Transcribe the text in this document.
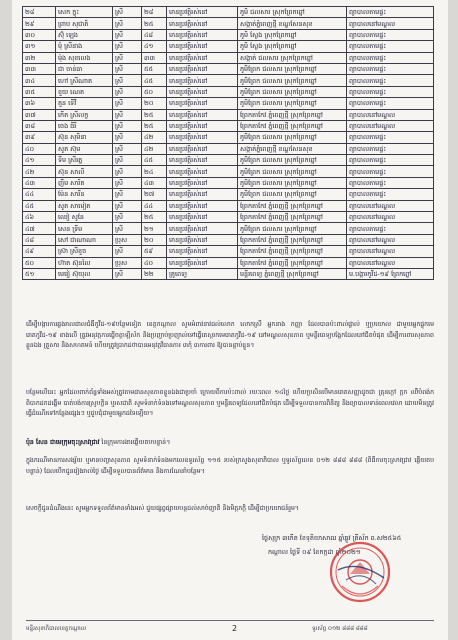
២៨	សេក ក្នុះ	ស្រី	២៨	មានប្រវត្តិរស់នៅ	ភូមិ ជលសារ ស្រុកព្រែកព្នៅ	ព្យាបាលតាមផ្ទះ
២៩	ព្រាប សុជាតិ	ស្រី	២៥	មានប្រវត្តិរស់នៅ	សង្កាត់ភ្នំពេញថ្មី ខណ្ឌសែនសុខ	ព្យាបាលនៅមណ្ឌល
៣០	ស៊ុំ ឡេង	ស្រី	៤៨	មានប្រវត្តិរស់នៅ	ភូមិ ស្លែង ស្រុកព្រែកព្នៅ	ព្យាបាលតាមផ្ទះ
៣១	មុំ ស្រីនាង	ស្រី	៤១	មានប្រវត្តិរស់នៅ	ភូមិ ស្លែង ស្រុកព្រែកព្នៅ	ព្យាបាលតាមផ្ទះ
៣២	ម៉ុង សុខលេង	ស្រី	៣៣	មានប្រវត្តិរស់នៅ	សង្កាត់ ជលសារ ស្រុកព្រែកព្នៅ	ព្យាបាលតាមផ្ទះ
៣៣	ជា ចាន់ធា	ស្រី	៥៥	មានប្រវត្តិរស់នៅ	ភូមិព្រែក ជលសារ ស្រុកព្រែកព្នៅ	ព្យាបាលតាមផ្ទះ
៣៤	ហៅ ស្រីណាត	ស្រី	៤៥	មានប្រវត្តិរស់នៅ	ភូមិព្រែក ជលសារ ស្រុកព្រែកព្នៅ	ព្យាបាលតាមផ្ទះ
៣៥	ខួយ ណេត	ស្រី	៥០	មានប្រវត្តិរស់នៅ	ភូមិព្រែក ជលសារ ស្រុកព្រែកព្នៅ	ព្យាបាលតាមផ្ទះ
៣៦	គួន ទើវី	ស្រី	២០	មានប្រវត្តិរស់នៅ	ភូមិព្រែក ជលសារ ស្រុកព្រែកព្នៅ	ព្យាបាលតាមផ្ទះ
៣៧	កើត ស្រីលក្ខ	ស្រី	២៥	មានប្រវត្តិរស់នៅ	ព្រែកតាកែវ ភ្នំពេញថ្មី ស្រុកព្រែកព្នៅ	ព្យាបាលនៅមណ្ឌល
៣៨	ចេង ធីរី	ស្រី	២៥	មានប្រវត្តិរស់នៅ	ព្រែកតាកែវ ភ្នំពេញថ្មី ស្រុកព្រែកព្នៅ	ព្យាបាលនៅមណ្ឌល
៣៩	ស៊ុន សុមិនា	ស្រី	៤២	មានប្រវត្តិរស់នៅ	ភូមិព្រែក ជលសារ ស្រុកព្រែកព្នៅ	ព្យាបាលតាមផ្ទះ
៤០	សូត ស៊ុម	ស្រី	៤២	មានប្រវត្តិរស់នៅ	សង្កាត់ភ្នំពេញថ្មី ខណ្ឌសែនសុខ	ព្យាបាលតាមផ្ទះ
៤១	ទីម ស្រីរត្ន	ស្រី	៤៥	មានប្រវត្តិរស់នៅ	ភូមិព្រែក ជលសារ ស្រុកព្រែកព្នៅ	ព្យាបាលតាមផ្ទះ
៤២	ស៊ុន សាលី	ស្រី	២៤	មានប្រវត្តិរស់នៅ	ភូមិព្រែក ជលសារ ស្រុកព្រែកព្នៅ	ព្យាបាលតាមផ្ទះ
៤៣	ញឹម សារិត	ស្រី	៤៣	មានប្រវត្តិរស់នៅ	ភូមិព្រែក ជលសារ ស្រុកព្រែកព្នៅ	ព្យាបាលតាមផ្ទះ
៤៤	ម៉ែន សារីន	ស្រី	២៧	មានប្រវត្តិរស់នៅ	ភូមិព្រែក ជលសារ ស្រុកព្រែកព្នៅ	ព្យាបាលតាមផ្ទះ
៤៥	សូត សាមៀត	ស្រី	៤៤	មានប្រវត្តិរស់នៅ	ព្រែកតាកែវ ភ្នំពេញថ្មី ស្រុកព្រែកព្នៅ	ព្យាបាលនៅមណ្ឌល
៤៦	ឈៀ សូនែ	ស្រី	២៥	មានប្រវត្តិរស់នៅ	ព្រែកតាកែវ ភ្នំពេញថ្មី ស្រុកព្រែកព្នៅ	ព្យាបាលនៅមណ្ឌល
៤៧	សេន ទ្រីម	ស្រី	២១	មានប្រវត្តិរស់នៅ	ភូមិព្រែក ជលសារ ស្រុកព្រែកព្នៅ	ព្យាបាលតាមផ្ទះ
៤៨	សៅ ជាណាណា	ប្រុស	២០	មានប្រវត្តិរស់នៅ	ព្រែកតាកែវ ភ្នំពេញថ្មី ស្រុកព្រែកព្នៅ	ព្យាបាលនៅមណ្ឌល
៤៩	ស្រ៊ា ស្រីខួច	ស្រី	៥៩	មានប្រវត្តិរស់នៅ	ព្រែកតាកែវ ភ្នំពេញថ្មី ស្រុកព្រែកព្នៅ	ព្យាបាលនៅមណ្ឌល
៥០	ហ៊ាត ស៊ុនលៃ	ប្រុស	៤០	មានប្រវត្តិរស់នៅ	ព្រែកតាកែវ ភ្នំពេញថ្មី ស្រុកព្រែកព្នៅ	ព្យាបាលនៅមណ្ឌល
៥១	មេរៀ ស៊ុយុល	ស្រី	២២	គ្រូពេទ្យ	មន្ទីរពេទ្យ ភ្នំពេញថ្មី ស្រុកព្រែកព្នៅ	ម.បង្ការកូវីដ-១៩ ព្រែកព្នៅ

ដើម្បីបង្ការការឆ្លងរាលដាលជំងឺកូវីដ-១៩បន្ថែមទៀត ខេត្តកណ្ដាល សូមអំពាវនាវដល់លោក លោកស្រី អ្នកនាង កញ្ញា ដែលបានប៉ះពាល់ផ្ទាល់ ឬប្រយោល ជាមួយអ្នកផ្ទុកមេរោគកូវីដ-១៩ ខាងលើ ត្រូវអនុវត្តការធ្វើចត្តាឡីស័ក និងប្រញាប់ប្រញាល់ទៅធ្វើតេស្តរកមេរោគកូវីដ-១៩ នៅមណ្ឌលសុខភាព ឬមន្ទីរពេទ្យបង្អែកដែលនៅជិតបំផុត ដើម្បីការពារសុខភាពខ្លួនឯង គ្រួសារ និងសហគមន៍ ហើយត្រូវប្រាកដថាបានអនុវត្តវិធានការ ៣កុំ ៣ការពារ ឱ្យបានខ្ជាប់ខ្ជួន។

បន្ថែមលើនេះ អ្នកដែលពាក់ព័ន្ធទាំងអស់ត្រូវតាមដានសុខភាពខ្លួនឯងជាប្រចាំ ក្រោយពីការប៉ះពាល់ រយៈពេល ១៤ថ្ងៃ ហើយប្រសិនបើមានរោគសញ្ញាដូចជា គ្រុនក្ដៅ ក្អក ឈឺបំពង់ក ពិបាកដកដង្ហើម បាត់បង់ការស្រូបក្លិន ឬរសជាតិ សូមទំនាក់ទំនងទៅមណ្ឌលសុខភាព ឬមន្ទីរពេទ្យដែលនៅជិតបំផុត ដើម្បីទទួលបានការពិនិត្យ និងព្យាបាលទាន់ពេលវេលា ដោយមិនត្រូវធ្វើដំណើរទៅកន្លែងផ្សេងៗ ឬជួបជុំជាមួយអ្នកដទៃឡើយ។

ប៉ុន សែន ជាមេក្រុមចុះស្រាវជ្រាវ នៃក្រុមការងារឆ្លើយតបបន្ទាន់។

ក្នុងករណីមានការសង្ស័យ ឬមានបញ្ហាសុខភាព សូមទំនាក់ទំនងមកលេខទូរស័ព្ទ ១១៥ របស់ក្រសួងសុខាភិបាល ឬទូរស័ព្ទលេខ ០១២ ៨៨៨ ៨៨៨ (ពិធីការចុះស្រាវជ្រាវ ឆ្លើយតបបន្ទាន់) ដែលបើកជូនរៀងរាល់ថ្ងៃ ដើម្បីទទួលបានព័ត៌មាន និងការណែនាំបន្ថែម។

សេចក្ដីជូនដំណឹងនេះ សូមអ្នកទទួលព័ត៌មានទាំងអស់ ជួយផ្សព្វផ្សាយបន្តដល់សាច់ញាតិ និងមិត្តភក្តិ ដើម្បីជាប្រយោជន៍រួម។

ថ្ងៃសុក្រ ៣កើត ខែទុតិយាសាឍ ឆ្នាំឆ្លូវ ត្រីស័ក ព.ស២៥៦៥
កណ្ដាល ថ្ងៃទី ០៩ ខែកក្កដា ឆ្នាំ២០២១
មន្ទីរសុខាភិបាលខេត្តកណ្ដាល	2	ទូរស័ព្ទ ០១២ ៨៨៨ ៨៨៨
